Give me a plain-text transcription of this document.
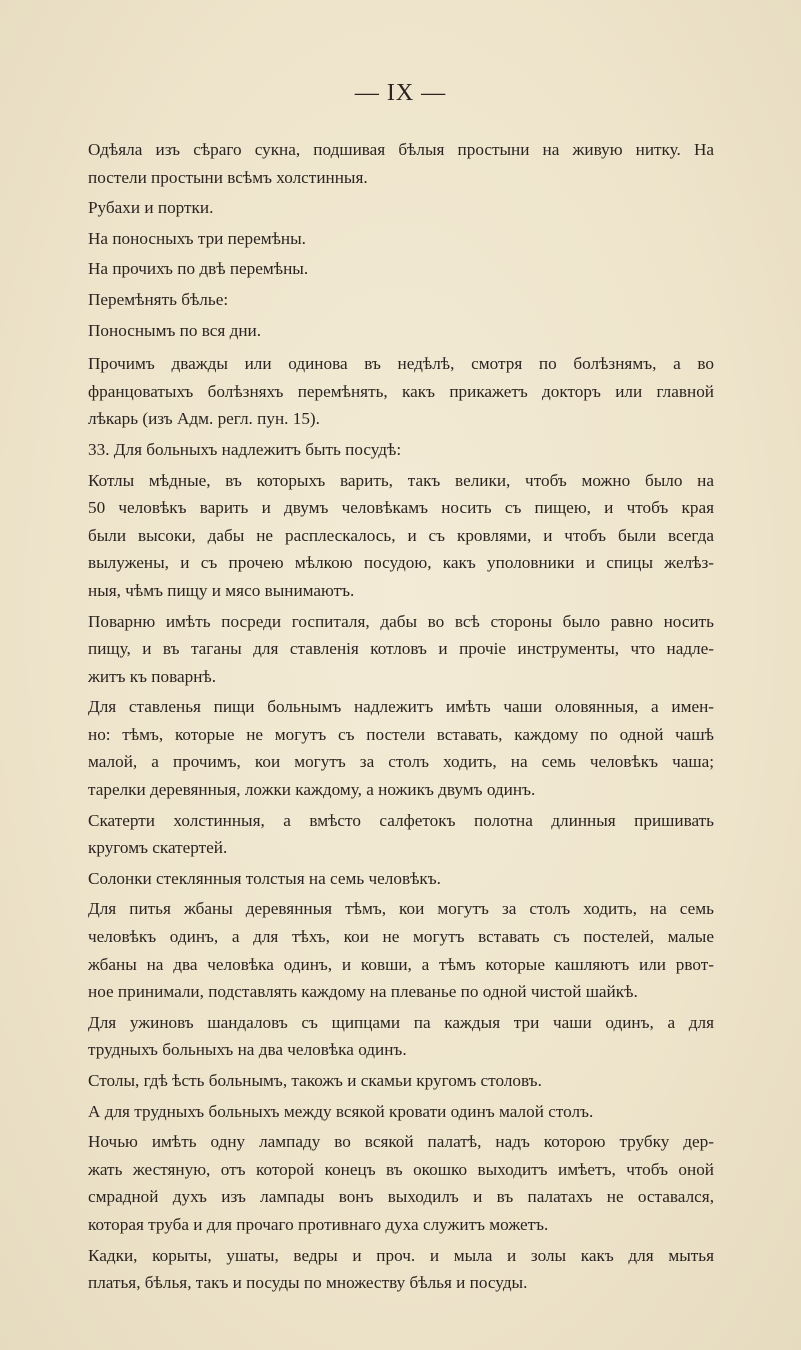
— IX —
Одѣяла изъ сѣраго сукна, подшивая бѣлыя простыни на живую нитку. На
постели простыни всѣмъ холстинныя.
Рубахи и портки.
На поносныхъ три перемѣны.
На прочихъ по двѣ перемѣны.
Перемѣнять бѣлье:
Поноснымъ по вся дни.
Прочимъ дважды или одинова въ недѣлѣ, смотря по болѣзнямъ, а во
францоватыхъ болѣзняхъ перемѣнять, какъ прикажетъ докторъ или главной
лѣкарь (изъ Адм. регл. пун. 15).
33. Для больныхъ надлежитъ быть посудѣ:
Котлы мѣдные, въ которыхъ варить, такъ велики, чтобъ можно было на
50 человѣкъ варить и двумъ человѣкамъ носить съ пищею, и чтобъ края
были высоки, дабы не расплескалось, и съ кровлями, и чтобъ были всегда
вылужены, и съ прочею мѣлкою посудою, какъ уполовники и спицы желѣз-
ныя, чѣмъ пищу и мясо вынимаютъ.
Поварню имѣть посреди госпиталя, дабы во всѣ стороны было равно носить
пищу, и въ таганы для ставленія котловъ и прочіе инструменты, что надле-
житъ къ поварнѣ.
Для ставленья пищи больнымъ надлежитъ имѣть чаши оловянныя, а имен-
но: тѣмъ, которые не могутъ съ постели вставать, каждому по одной чашѣ
малой, а прочимъ, кои могутъ за столъ ходить, на семь человѣкъ чаша;
тарелки деревянныя, ложки каждому, а ножикъ двумъ одинъ.
Скатерти холстинныя, а вмѣсто салфетокъ полотна длинныя пришивать
кругомъ скатертей.
Солонки стеклянныя толстыя на семь человѣкъ.
Для питья жбаны деревянныя тѣмъ, кои могутъ за столъ ходить, на семь
человѣкъ одинъ, а для тѣхъ, кои не могутъ вставать съ постелей, малые
жбаны на два человѣка одинъ, и ковши, а тѣмъ которые кашляютъ или рвот-
ное принимали, подставлять каждому на плеванье по одной чистой шайкѣ.
Для ужиновъ шандаловъ съ щипцами па каждыя три чаши одинъ, а для
трудныхъ больныхъ на два человѣка одинъ.
Столы, гдѣ ѣсть больнымъ, такожъ и скамьи кругомъ столовъ.
А для трудныхъ больныхъ между всякой кровати одинъ малой столъ.
Ночью имѣть одну лампаду во всякой палатѣ, надъ которою трубку дер-
жать жестяную, отъ которой конецъ въ окошко выходитъ имѣетъ, чтобъ оной
смрадной духъ изъ лампады вонъ выходилъ и въ палатахъ не оставался,
которая труба и для прочаго противнаго духа служитъ можетъ.
Кадки, корыты, ушаты, ведры и проч. и мыла и золы какъ для мытья
платья, бѣлья, такъ и посуды по множеству бѣлья и посуды.
